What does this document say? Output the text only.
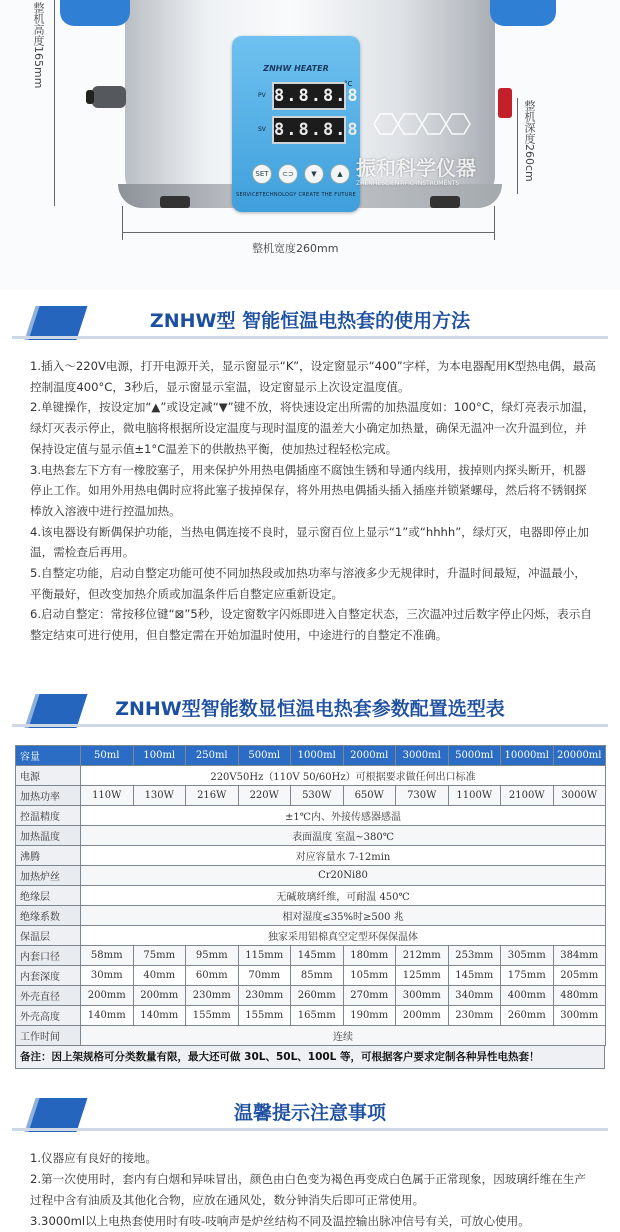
ZNHW HEATER
PV 8.8.8.8
°C
SV 8.8.8.8
SET	⊂⊃	▼	▲
SERVICETECHNOLOGY CREATE THE FUTURE
振和科学仪器
ZHENHESCIENTIFIC INSTRUMENTS
整机高度165mm
整机深度260cm
整机宽度260mm
ZNHW型 智能恒温电热套的使用方法

1.插入～220V电源，打开电源开关，显示窗显示“K”，设定窗显示“400”字样，为本电器配用K型热电偶，最高控制温度400°C，3秒后，显示窗显示室温，设定窗显示上次设定温度值。

2.单键操作，按设定加“▲”或设定减“▼”键不放，将快速设定出所需的加热温度如：100°C，绿灯亮表示加温，绿灯灭表示停止，微电脑将根据所设定温度与现时温度的温差大小确定加热量，确保无温冲一次升温到位，并保持设定值与显示值±1°C温差下的供散热平衡，使加热过程轻松完成。

3.电热套左下方有一橡胶塞子，用来保护外用热电偶插座不腐蚀生锈和导通内线用，拔掉则内探头断开，机器停止工作。如用外用热电偶时应将此塞子拔掉保存，将外用热电偶插头插入插座并锁紧螺母，然后将不锈钢探棒放入溶液中进行控温加热。

4.该电器设有断偶保护功能，当热电偶连接不良时，显示窗百位上显示“1”或“hhhh”，绿灯灭，电器即停止加温，需检查后再用。

5.自整定功能，启动自整定功能可使不同加热段或加热功率与溶液多少无规律时，升温时间最短，冲温最小，平衡最好，但改变加热介质或加温条件后自整定应重新设定。

6.启动自整定：常按移位键“⊠”5秒，设定窗数字闪烁即进入自整定状态，三次温冲过后数字停止闪烁，表示自整定结束可进行使用，但自整定需在开始加温时使用，中途进行的自整定不准确。

ZNHW型智能数显恒温电热套参数配置选型表
容量	50ml	100ml	250ml	500ml	1000ml	2000ml	3000ml	5000ml	10000ml	20000ml
电源	220V50Hz（110V 50/60Hz）可根据要求做任何出口标准									
加热功率	110W	130W	216W	220W	530W	650W	730W	1100W	2100W	3000W
控温精度	±1℃内、外接传感器感温									
加热温度	表面温度 室温~380℃									
沸腾	对应容量水 7-12min									
加热炉丝	Cr20Ni80									
绝缘层	无碱玻璃纤维，可耐温 450℃									
绝缘系数	相对湿度≤35%时≥500 兆									
保温层	独家采用铝棉真空定型环保保温体									
内套口径	58mm	75mm	95mm	115mm	145mm	180mm	212mm	253mm	305mm	384mm
内套深度	30mm	40mm	60mm	70mm	85mm	105mm	125mm	145mm	175mm	205mm
外壳直径	200mm	200mm	230mm	230mm	260mm	270mm	300mm	340mm	400mm	480mm
外壳高度	140mm	140mm	155mm	155mm	165mm	190mm	200mm	230mm	260mm	300mm
工作时间	连续									
备注：因上架规格可分类数量有限，最大还可做 30L、50L、100L 等，可根据客户要求定制各种异性电热套！
温馨提示注意事项

1.仪器应有良好的接地。

2.第一次使用时，套内有白烟和异味冒出，颜色由白色变为褐色再变成白色属于正常现象，因玻璃纤维在生产过程中含有油质及其他化合物，应放在通风处，数分钟消失后即可正常使用。

3.3000ml以上电热套使用时有吱-吱响声是炉丝结构不同及温控输出脉冲信号有关，可放心使用。
